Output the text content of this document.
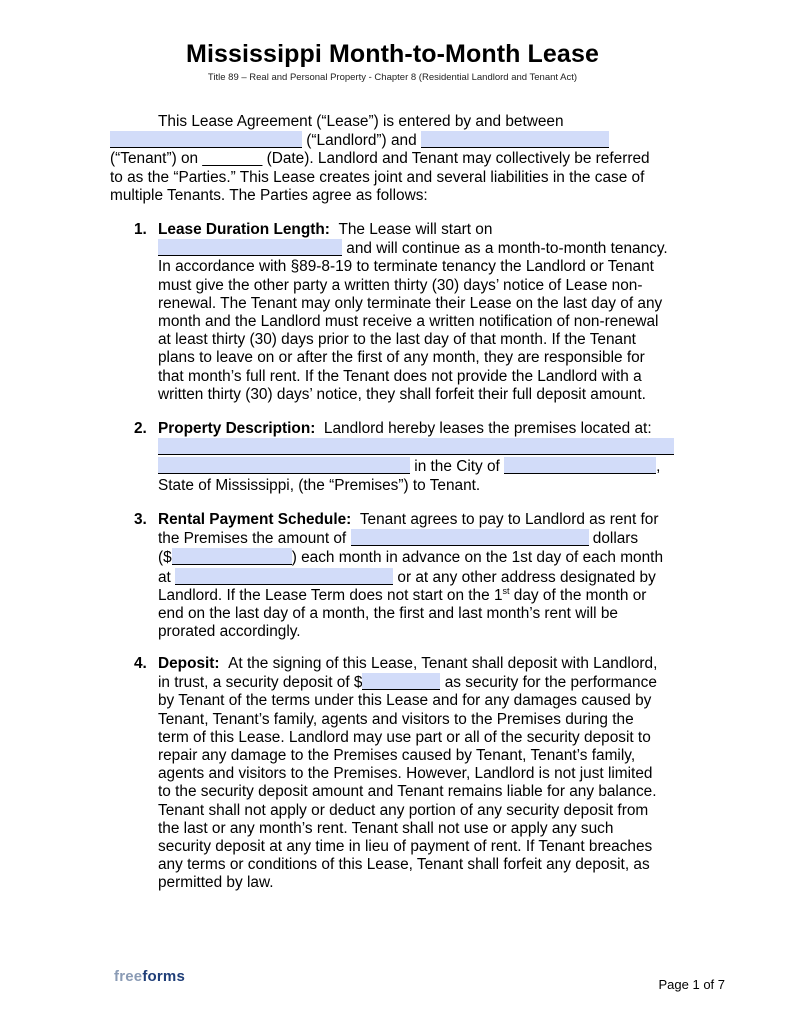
Mississippi Month-to-Month Lease
Title 89 – Real and Personal Property - Chapter 8 (Residential Landlord and Tenant Act)
This Lease Agreement (“Lease”) is entered by and between
(“Landlord”) and
(“Tenant”) on _______ (Date). Landlord and Tenant may collectively be referred
to as the “Parties.” This Lease creates joint and several liabilities in the case of
multiple Tenants. The Parties agree as follows:
1. Lease Duration Length: The Lease will start on
and will continue as a month-to-month tenancy.
In accordance with §89-8-19 to terminate tenancy the Landlord or Tenant
must give the other party a written thirty (30) days’ notice of Lease non-
renewal. The Tenant may only terminate their Lease on the last day of any
month and the Landlord must receive a written notification of non-renewal
at least thirty (30) days prior to the last day of that month. If the Tenant
plans to leave on or after the first of any month, they are responsible for
that month’s full rent. If the Tenant does not provide the Landlord with a
written thirty (30) days’ notice, they shall forfeit their full deposit amount.
2. Property Description: Landlord hereby leases the premises located at:
in the City of	,
State of Mississippi, (the “Premises”) to Tenant.
3. Rental Payment Schedule: Tenant agrees to pay to Landlord as rent for
the Premises the amount of	dollars
($	) each month in advance on the 1st day of each month
at	or at any other address designated by
Landlord. If the Lease Term does not start on the 1st day of the month or
end on the last day of a month, the first and last month’s rent will be
prorated accordingly.
4. Deposit: At the signing of this Lease, Tenant shall deposit with Landlord,
in trust, a security deposit of $	as security for the performance
by Tenant of the terms under this Lease and for any damages caused by
Tenant, Tenant’s family, agents and visitors to the Premises during the
term of this Lease. Landlord may use part or all of the security deposit to
repair any damage to the Premises caused by Tenant, Tenant’s family,
agents and visitors to the Premises. However, Landlord is not just limited
to the security deposit amount and Tenant remains liable for any balance.
Tenant shall not apply or deduct any portion of any security deposit from
the last or any month’s rent. Tenant shall not use or apply any such
security deposit at any time in lieu of payment of rent. If Tenant breaches
any terms or conditions of this Lease, Tenant shall forfeit any deposit, as
permitted by law.
freeforms	Page 1 of 7
